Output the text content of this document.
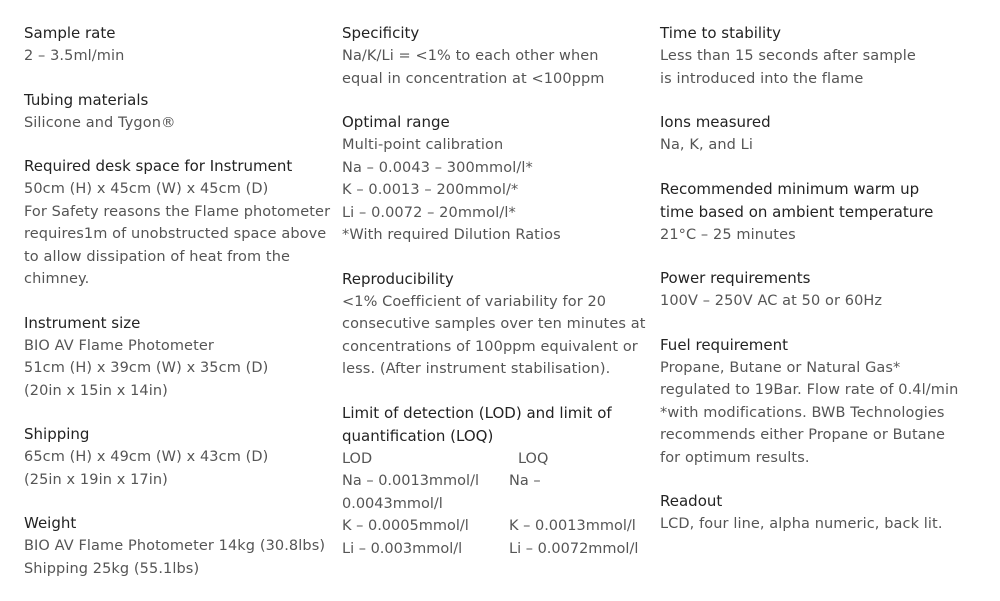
Sample rate

2 – 3.5ml/min

Tubing materials

Silicone and Tygon®

Required desk space for Instrument

50cm (H) x 45cm (W) x 45cm (D)

For Safety reasons the Flame photometer

requires1m of unobstructed space above

to allow dissipation of heat from the

chimney.

Instrument size

BIO AV Flame Photometer

51cm (H) x 39cm (W) x 35cm (D)

(20in x 15in x 14in)

Shipping

65cm (H) x 49cm (W) x 43cm (D)

(25in x 19in x 17in)

Weight

BIO AV Flame Photometer 14kg (30.8lbs)

Shipping 25kg (55.1lbs)

Specificity

Na/K/Li = <1% to each other when

equal in concentration at <100ppm

Optimal range

Multi-point calibration

Na – 0.0043 – 300mmol/l*

K – 0.0013 – 200mmol/*

Li – 0.0072 – 20mmol/l*

*With required Dilution Ratios

Reproducibility

<1% Coefficient of variability for 20

consecutive samples over ten minutes at

concentrations of 100ppm equivalent or

less. (After instrument stabilisation).

Limit of detection (LOD) and limit of

quantification (LOQ)

LOD	LOQ
Na – 0.0013mmol/l	Na –
0.0043mmol/l
K – 0.0005mmol/l	K – 0.0013mmol/l
Li – 0.003mmol/l	Li – 0.0072mmol/l

Time to stability

Less than 15 seconds after sample

is introduced into the flame

Ions measured

Na, K, and Li

Recommended minimum warm up

time based on ambient temperature

21°C – 25 minutes

Power requirements

100V – 250V AC at 50 or 60Hz

Fuel requirement

Propane, Butane or Natural Gas*

regulated to 19Bar. Flow rate of 0.4l/min

*with modifications. BWB Technologies

recommends either Propane or Butane

for optimum results.

Readout

LCD, four line, alpha numeric, back lit.
